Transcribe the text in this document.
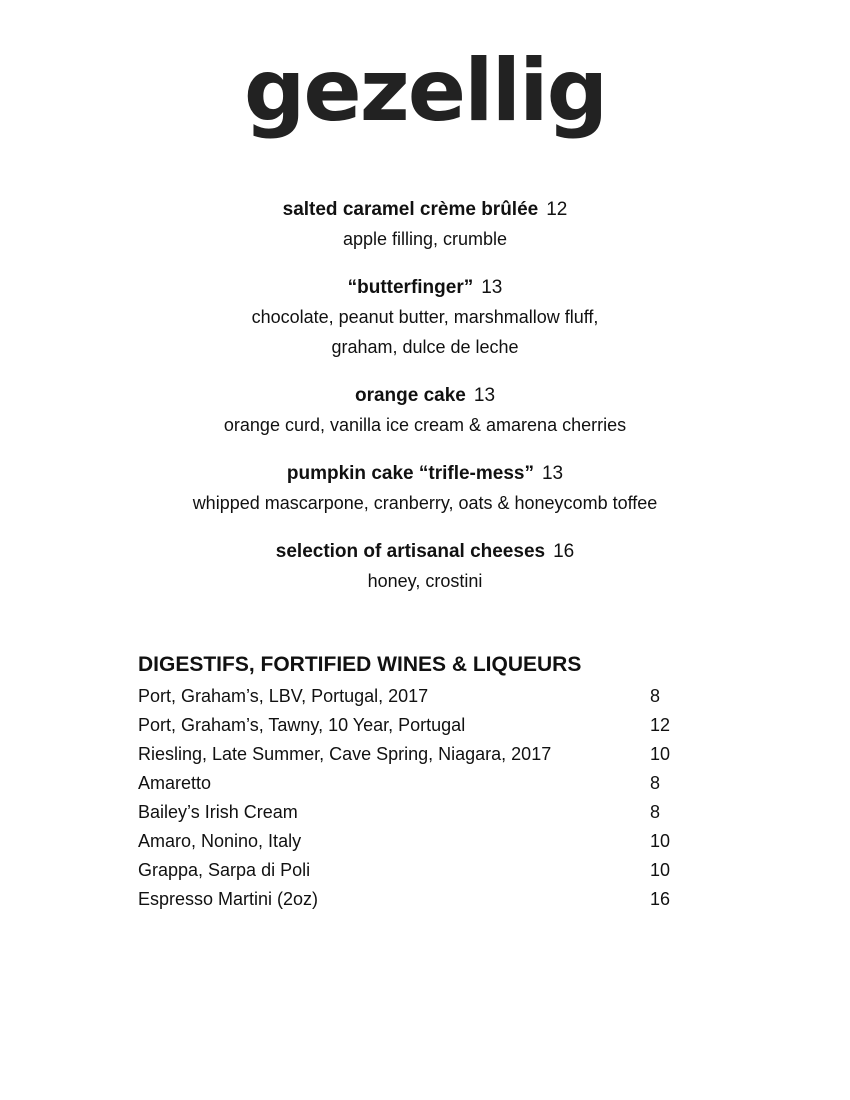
gezellig
salted caramel crème brûlée 12
apple filling, crumble
“butterfinger” 13
chocolate, peanut butter, marshmallow fluff,
graham, dulce de leche
orange cake 13
orange curd, vanilla ice cream & amarena cherries
pumpkin cake “trifle-mess” 13
whipped mascarpone, cranberry, oats & honeycomb toffee
selection of artisanal cheeses 16
honey, crostini
DIGESTIFS, FORTIFIED WINES & LIQUEURS
Port, Graham’s, LBV, Portugal, 2017	8
Port, Graham’s, Tawny, 10 Year, Portugal	12
Riesling, Late Summer, Cave Spring, Niagara, 2017	10
Amaretto	8
Bailey’s Irish Cream	8
Amaro, Nonino, Italy	10
Grappa, Sarpa di Poli	10
Espresso Martini (2oz)	16
